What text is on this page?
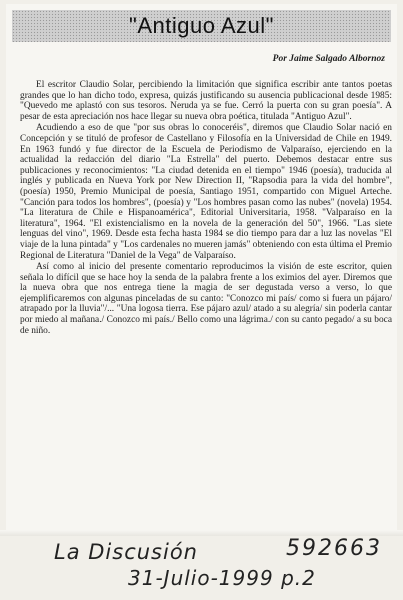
"Antiguo Azul"
Por Jaime Salgado Albornoz

El escritor Claudio Solar, percibiendo la limitación que significa escribir ante tantos poetas grandes que lo han dicho todo, expresa, quizás justificando su ausencia publicacional desde 1985: "Quevedo me aplastó con sus tesoros. Neruda ya se fue. Cerró la puerta con su gran poesía". A pesar de esta apreciación nos hace llegar su nueva obra poética, titulada "Antiguo Azul".

Acudiendo a eso de que "por sus obras lo conoceréis", diremos que Claudio Solar nació en Concepción y se tituló de profesor de Castellano y Filosofía en la Universidad de Chile en 1949. En 1963 fundó y fue director de la Escuela de Periodismo de Valparaíso, ejerciendo en la actualidad la redacción del diario "La Estrella" del puerto. Debemos destacar entre sus publicaciones y reconocimientos: "La ciudad detenida en el tiempo" 1946 (poesía), traducida al inglés y publicada en Nueva York por New Direction II, "Rapsodia para la vida del hombre", (poesía) 1950, Premio Municipal de poesía, Santiago 1951, compartido con Miguel Arteche. "Canción para todos los hombres", (poesía) y "Los hombres pasan como las nubes" (novela) 1954. "La literatura de Chile e Hispanoamérica", Editorial Universitaria, 1958. "Valparaíso en la literatura", 1964. "El existencialismo en la novela de la generación del 50", 1966. "Las siete lenguas del vino", 1969. Desde esta fecha hasta 1984 se dio tiempo para dar a luz las novelas "El viaje de la luna pintada" y "Los cardenales no mueren jamás" obteniendo con esta última el Premio Regional de Literatura "Daniel de la Vega" de Valparaíso.

Así como al inicio del presente comentario reproducimos la visión de este escritor, quien señala lo difícil que se hace hoy la senda de la palabra frente a los eximios del ayer. Diremos que la nueva obra que nos entrega tiene la magia de ser degustada verso a verso, lo que ejemplificaremos con algunas pinceladas de su canto: "Conozco mi país/ como si fuera un pájaro/ atrapado por la lluvia"/... "Una logosa tierra. Ese pájaro azul/ atado a su alegría/ sin poderla cantar por miedo al mañana./ Conozco mi país./ Bello como una lágrima./ con su canto pegado/ a su boca de niño.

La Discusión	592663
31-Julio-1999 p.2
